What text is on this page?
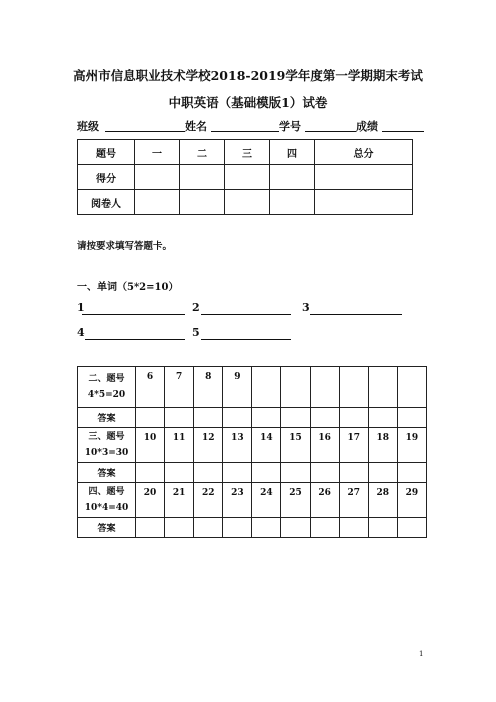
高州市信息职业技术学校2018-2019学年度第一学期期末考试
中职英语（基础模版1）试卷
班级	姓名	学号	成绩
题号	一	二	三	四	总分
得分					
阅卷人					
请按要求填写答题卡。
一、单词（5*2=10）
1	2	3
4	5
二、题号
4*5=20	6	7	8	9						
答案										

三、题号
10*3=30	10	11	12	13	14	15	16	17	18	19
答案										

四、题号
10*4=40	20	21	22	23	24	25	26	27	28	29
答案										
1
